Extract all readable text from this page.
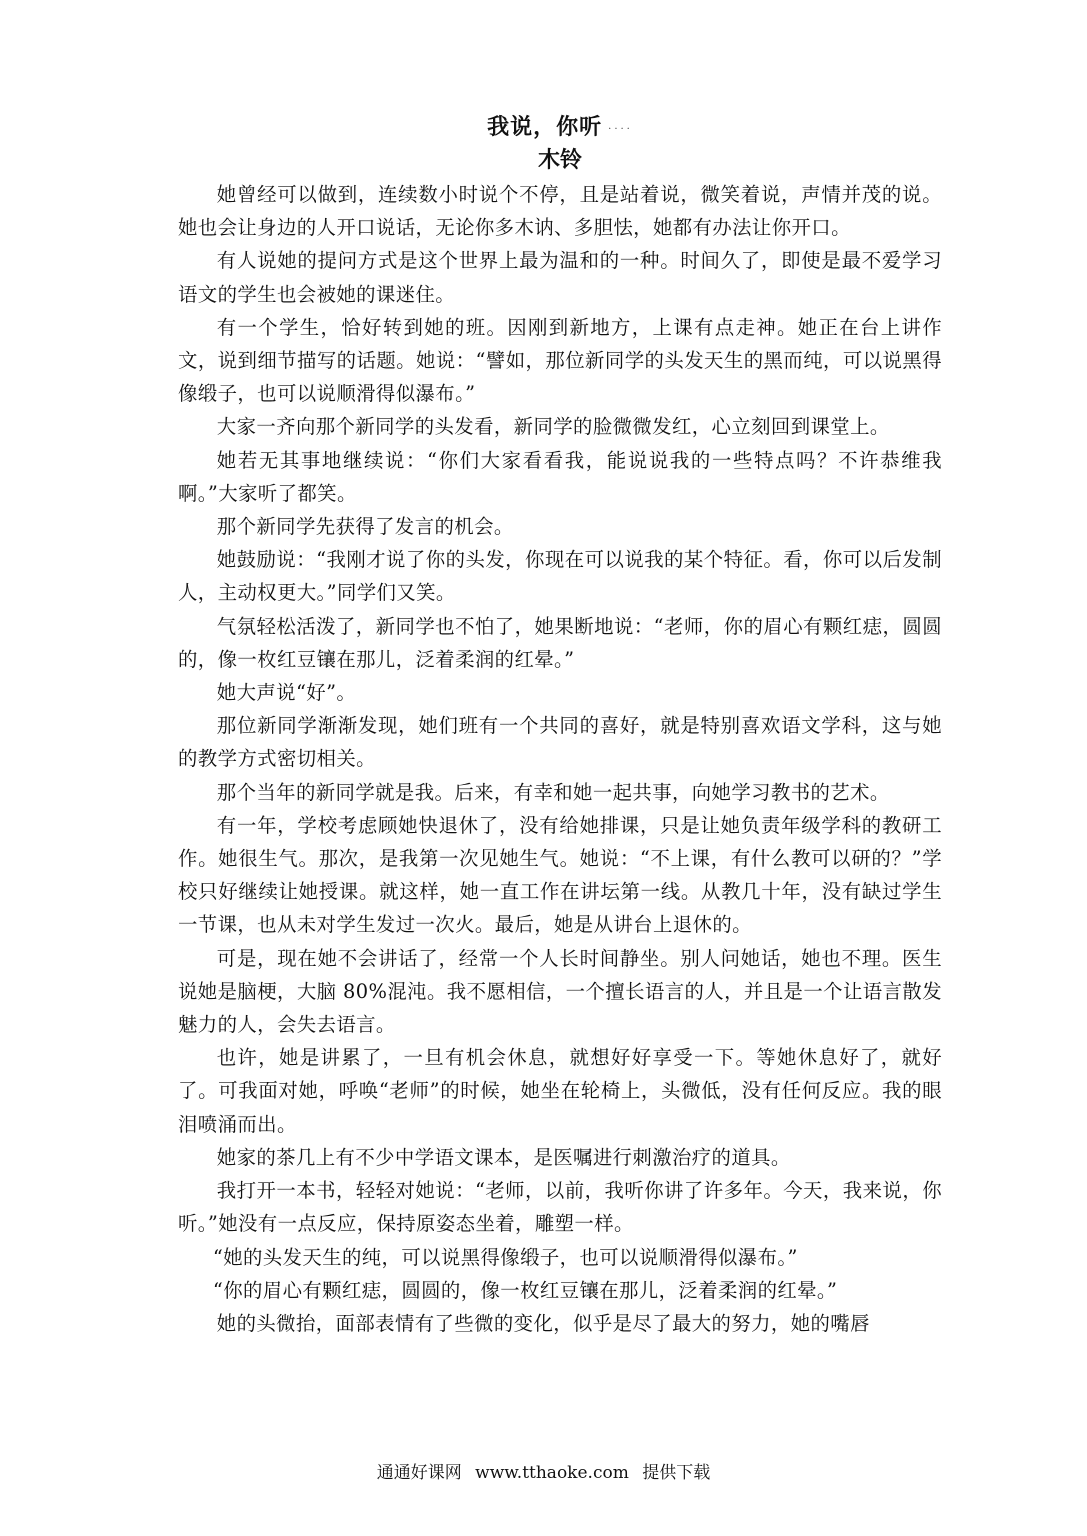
我说，你听 ....
木铃

她曾经可以做到，连续数小时说个不停，且是站着说，微笑着说，声情并茂的说。她也会让身边的人开口说话，无论你多木讷、多胆怯，她都有办法让你开口。

有人说她的提问方式是这个世界上最为温和的一种。时间久了，即使是最不爱学习语文的学生也会被她的课迷住。

有一个学生，恰好转到她的班。因刚到新地方，上课有点走神。她正在台上讲作文，说到细节描写的话题。她说：“譬如，那位新同学的头发天生的黑而纯，可以说黑得像缎子，也可以说顺滑得似瀑布。”

大家一齐向那个新同学的头发看，新同学的脸微微发红，心立刻回到课堂上。

她若无其事地继续说：“你们大家看看我，能说说我的一些特点吗？不许恭维我啊。”大家听了都笑。

那个新同学先获得了发言的机会。

她鼓励说：“我刚才说了你的头发，你现在可以说我的某个特征。看，你可以后发制人，主动权更大。”同学们又笑。

气氛轻松活泼了，新同学也不怕了，她果断地说：“老师，你的眉心有颗红痣，圆圆的，像一枚红豆镶在那儿，泛着柔润的红晕。”

她大声说“好”。

那位新同学渐渐发现，她们班有一个共同的喜好，就是特别喜欢语文学科，这与她的教学方式密切相关。

那个当年的新同学就是我。后来，有幸和她一起共事，向她学习教书的艺术。

有一年，学校考虑顾她快退休了，没有给她排课，只是让她负责年级学科的教研工作。她很生气。那次，是我第一次见她生气。她说：“不上课，有什么教可以研的？”学校只好继续让她授课。就这样，她一直工作在讲坛第一线。从教几十年，没有缺过学生一节课，也从未对学生发过一次火。最后，她是从讲台上退休的。

可是，现在她不会讲话了，经常一个人长时间静坐。别人问她话，她也不理。医生说她是脑梗，大脑 80%混沌。我不愿相信，一个擅长语言的人，并且是一个让语言散发魅力的人，会失去语言。

也许，她是讲累了，一旦有机会休息，就想好好享受一下。等她休息好了，就好了。可我面对她，呼唤“老师”的时候，她坐在轮椅上，头微低，没有任何反应。我的眼泪喷涌而出。

她家的茶几上有不少中学语文课本，是医嘱进行刺激治疗的道具。

我打开一本书，轻轻对她说：“老师，以前，我听你讲了许多年。今天，我来说，你听。”她没有一点反应，保持原姿态坐着，雕塑一样。

“她的头发天生的纯，可以说黑得像缎子，也可以说顺滑得似瀑布。”

“你的眉心有颗红痣，圆圆的，像一枚红豆镶在那儿，泛着柔润的红晕。”

她的头微抬，面部表情有了些微的变化，似乎是尽了最大的努力，她的嘴唇

通通好课网 www.tthaoke.com 提供下载
